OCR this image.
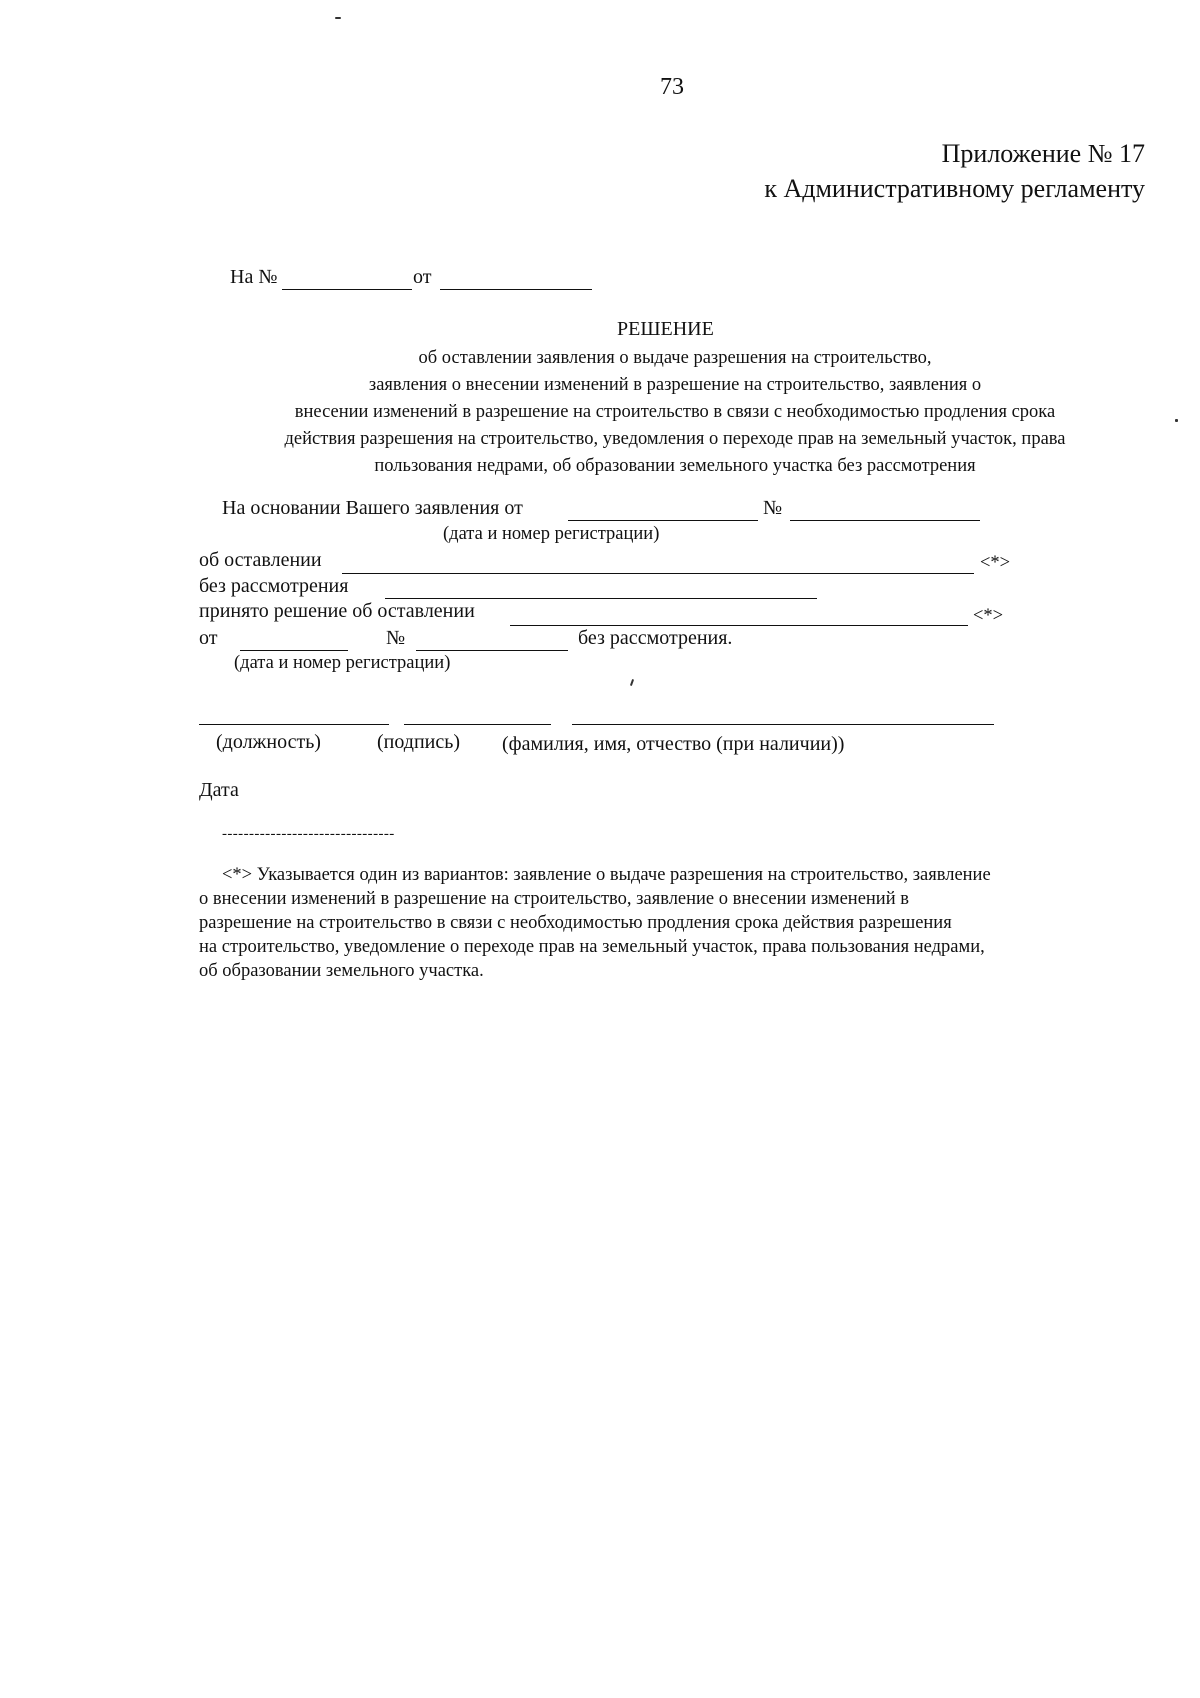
73
Приложение № 17
к Административному регламенту
На №	от
РЕШЕНИЕ
об оставлении заявления о выдаче разрешения на строительство,
заявления о внесении изменений в разрешение на строительство, заявления о
внесении изменений в разрешение на строительство в связи с необходимостью продления срока
действия разрешения на строительство, уведомления о переходе прав на земельный участок, права
пользования недрами, об образовании земельного участка без рассмотрения
На основании Вашего заявления от	№
(дата и номер регистрации)
об оставлении	<*>
без рассмотрения
принято решение об оставлении	<*>
от	№	без рассмотрения.
(дата и номер регистрации)
(должность)	(подпись) (фамилия, имя, отчество (при наличии))
Дата
--------------------------------
<*> Указывается один из вариантов: заявление о выдаче разрешения на строительство, заявление
о внесении изменений в разрешение на строительство, заявление о внесении изменений в
разрешение на строительство в связи с необходимостью продления срока действия разрешения
на строительство, уведомление о переходе прав на земельный участок, права пользования недрами,
об образовании земельного участка.
